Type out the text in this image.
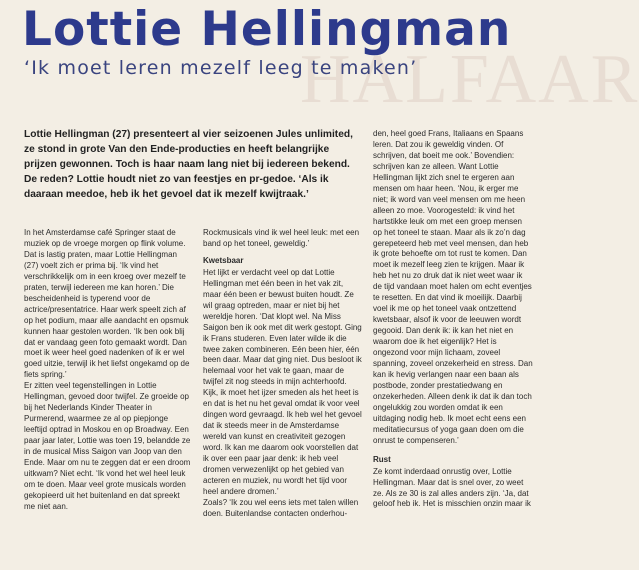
HALFAAR
Lottie Hellingman
‘Ik moet leren mezelf leeg te maken’
Lottie Hellingman (27) presenteert al vier seizoenen Jules unlimited, ze stond in grote Van den Ende-producties en heeft belangrijke prijzen gewonnen. Toch is haar naam lang niet bij iedereen bekend. De reden? Lottie houdt niet zo van feestjes en pr-gedoe. ‘Als ik daaraan meedoe, heb ik het gevoel dat ik mezelf kwijtraak.’

In het Amsterdamse café Springer staat de muziek op de vroege morgen op flink volume. Dat is lastig praten, maar Lottie Hellingman (27) voelt zich er prima bij. ‘Ik vind het verschrikkelijk om in een kroeg over mezelf te praten, terwijl iedereen me kan horen.’ Die bescheidenheid is typerend voor de actrice/presentatrice. Haar werk speelt zich af op het podium, maar alle aandacht en opsmuk kunnen haar gestolen worden. ‘Ik ben ook blij dat er vandaag geen foto gemaakt wordt. Dan moet ik weer heel goed nadenken of ik er wel goed uitzie, terwijl ik het liefst ongekamd op de fiets spring.’

Er zitten veel tegenstellingen in Lottie Hellingman, gevoed door twijfel. Ze groeide op bij het Nederlands Kinder Theater in Purmerend, waarmee ze al op piepjonge leeftijd optrad in Moskou en op Broadway. Een paar jaar later, Lottie was toen 19, belandde ze in de musical Miss Saigon van Joop van den Ende. Maar om nu te zeggen dat er een droom uitkwam? Niet echt. ‘Ik vond het wel heel leuk om te doen. Maar veel grote musicals worden gekopieerd uit het buitenland en dat spreekt me niet aan.

Rockmusicals vind ik wel heel leuk: met een band op het toneel, geweldig.’

Kwetsbaar

Het lijkt er verdacht veel op dat Lottie Hellingman met één been in het vak zit, maar één been er bewust buiten houdt. Ze wil graag optreden, maar er niet bij het wereldje horen. ‘Dat klopt wel. Na Miss Saigon ben ik ook met dit werk gestopt. Ging ik Frans studeren. Even later wilde ik die twee zaken combineren. Eén been hier, één been daar. Maar dat ging niet. Dus besloot ik helemaal voor het vak te gaan, maar de twijfel zit nog steeds in mijn achterhoofd. Kijk, ik moet het ijzer smeden als het heet is en dat is het nu het geval omdat ik voor veel dingen word gevraagd. Ik heb wel het gevoel dat ik steeds meer in de Amsterdamse wereld van kunst en creativiteit gezogen word. Ik kan me daarom ook voorstellen dat ik over een paar jaar denk: ik heb veel dromen verwezenlijkt op het gebied van acteren en muziek, nu wordt het tijd voor heel andere dromen.’

Zoals? ‘Ik zou wel eens iets met talen willen doen. Buitenlandse contacten onderhou-

den, heel goed Frans, Italiaans en Spaans leren. Dat zou ik geweldig vinden. Of schrijven, dat boeit me ook.’ Bovendien: schrijven kan ze alleen. Want Lottie Hellingman lijkt zich snel te ergeren aan mensen om haar heen. ‘Nou, ik erger me niet; ik word van veel mensen om me heen alleen zo moe. Voorogesteld: ik vind het hartstikke leuk om met een groep mensen op het toneel te staan. Maar als ik zo’n dag gerepeteerd heb met veel mensen, dan heb ik grote behoefte om tot rust te komen. Dan moet ik mezelf leeg zien te krijgen. Maar ik heb het nu zo druk dat ik niet weet waar ik de tijd vandaan moet halen om echt eventjes te resetten. En dat vind ik moeilijk. Daarbij voel ik me op het toneel vaak ontzettend kwetsbaar, alsof ik voor de leeuwen wordt gegooid. Dan denk ik: ik kan het niet en waarom doe ik het eigenlijk? Het is ongezond voor mijn lichaam, zoveel spanning, zoveel onzekerheid en stress. Dan kan ik hevig verlangen naar een baan als postbode, zonder prestatiedwang en onzekerheden. Alleen denk ik dat ik dan toch ongelukkig zou worden omdat ik een uitdaging nodig heb. Ik moet echt eens een meditatiecursus of yoga gaan doen om die onrust te compenseren.’

Rust

Ze komt inderdaad onrustig over, Lottie Hellingman. Maar dat is snel over, zo weet ze. Als ze 30 is zal alles anders zijn. ‘Ja, dat geloof heb ik. Het is misschien onzin maar ik
